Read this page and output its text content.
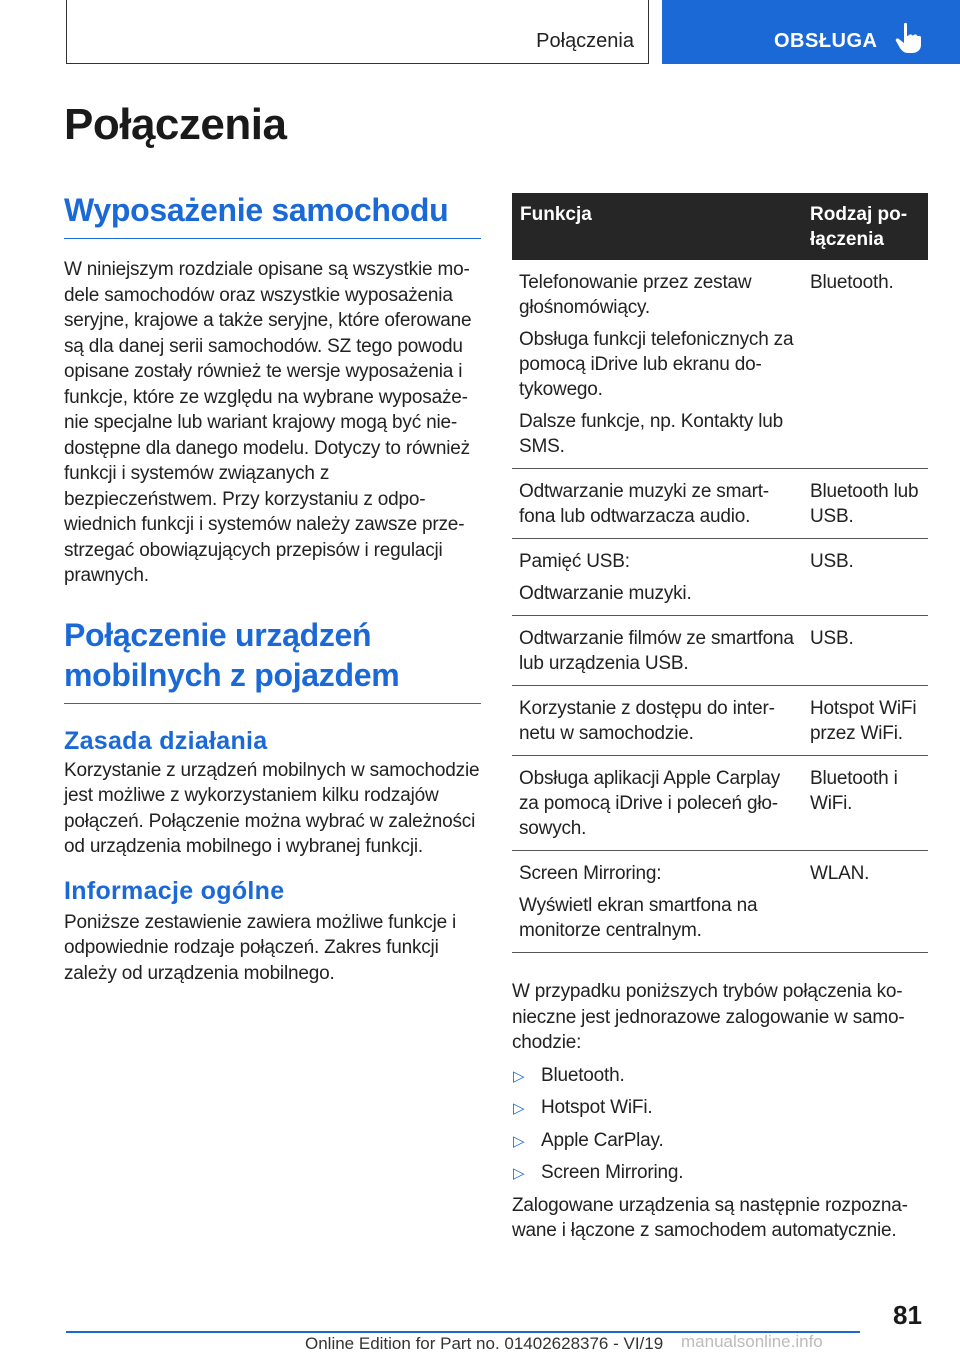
Połączenia	OBSŁUGA
Połączenia
Wyposażenie samochodu

W niniejszym rozdziale opisane są wszystkie modele samochodów oraz wszystkie wyposażenia seryjne, krajowe a także seryjne, które oferowane są dla danej serii samochodów. SZ tego powodu opisane zostały również te wersje wyposażenia i funkcje, które ze względu na wybrane wyposażenie specjalne lub wariant krajowy mogą być niedostępne dla danego modelu. Dotyczy to również funkcji i systemów związanych z bezpieczeństwem. Przy korzystaniu z odpowiednich funkcji i systemów należy zawsze przestrzegać obowiązujących przepisów i regulacji prawnych.

Połączenie urządzeń mobilnych z pojazdem
Zasada działania

Korzystanie z urządzeń mobilnych w samochodzie jest możliwe z wykorzystaniem kilku rodzajów połączeń. Połączenie można wybrać w zależności od urządzenia mobilnego i wybranej funkcji.

Informacje ogólne

Poniższe zestawienie zawiera możliwe funkcje i odpowiednie rodzaje połączeń. Zakres funkcji zależy od urządzenia mobilnego.

Funkcja	Rodzaj połączenia

Telefonowanie przez zestaw głośnomówiący.
Obsługa funkcji telefonicznych za pomocą iDrive lub ekranu dotykowego.
Dalsze funkcje, np. Kontakty lub SMS.	Bluetooth.

Odtwarzanie muzyki ze smartfona lub odtwarzacza audio.	Bluetooth lub USB.

Pamięć USB:
Odtwarzanie muzyki.	USB.

Odtwarzanie filmów ze smartfona lub urządzenia USB.	USB.

Korzystanie z dostępu do internetu w samochodzie.	Hotspot WiFi przez WiFi.

Obsługa aplikacji Apple Carplay za pomocą iDrive i poleceń głosowych.	Bluetooth i WiFi.

Screen Mirroring:
Wyświetl ekran smartfona na monitorze centralnym.	WLAN.

W przypadku poniższych trybów połączenia konieczne jest jednorazowe zalogowanie w samochodzie:

▷ Bluetooth.
▷ Hotspot WiFi.
▷ Apple CarPlay.
▷ Screen Mirroring.

Zalogowane urządzenia są następnie rozpoznawane i łączone z samochodem automatycznie.

81
Online Edition for Part no. 01402628376 - VI/19 manualsonline.info
